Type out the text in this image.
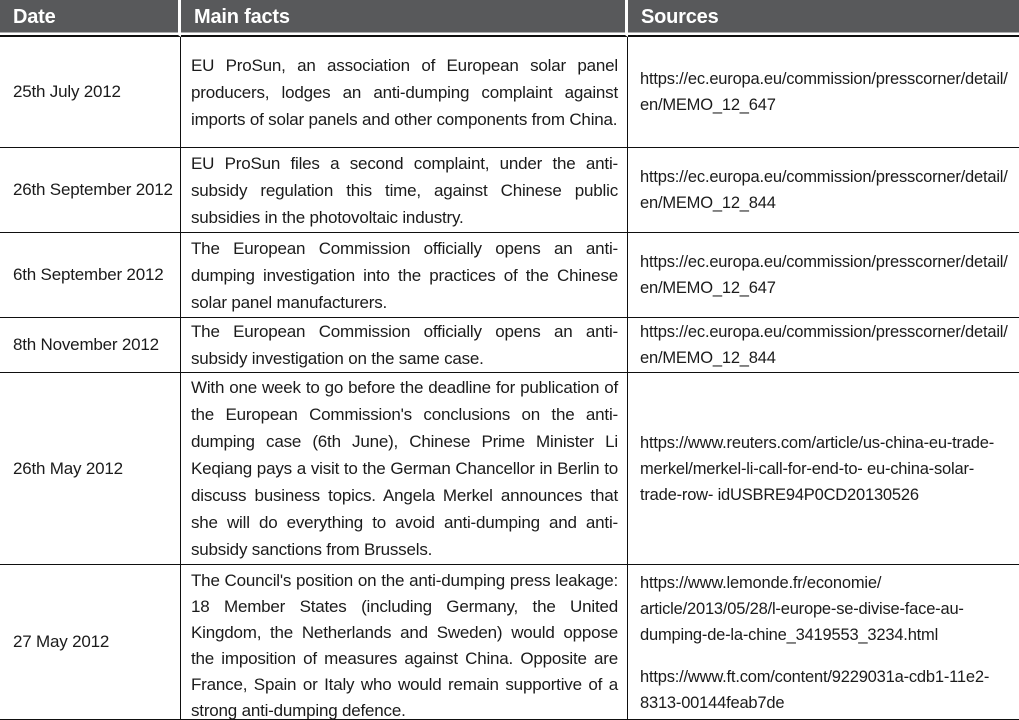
Date	Main facts	Sources
25th July 2012
EU ProSun, an association of European solar panel producers, lodges an anti-dumping complaint against imports of solar panels and other components from China.
https://ec.europa.eu/commission/presscorner/detail/en/MEMO_12_647
26th September 2012
EU ProSun files a second complaint, under the anti-subsidy regulation this time, against Chinese public subsidies in the photovoltaic industry.
https://ec.europa.eu/commission/presscorner/detail/en/MEMO_12_844
6th September 2012
The European Commission officially opens an anti-dumping investigation into the practices of the Chinese solar panel manufacturers.
https://ec.europa.eu/commission/presscorner/detail/en/MEMO_12_647
8th November 2012
The European Commission officially opens an anti-subsidy investigation on the same case.
https://ec.europa.eu/commission/presscorner/detail/en/MEMO_12_844
26th May 2012
With one week to go before the deadline for publication of the European Commission's conclusions on the anti-dumping case (6th June), Chinese Prime Minister Li Keqiang pays a visit to the German Chancellor in Berlin to discuss business topics. Angela Merkel announces that she will do everything to avoid anti-dumping and anti-subsidy sanctions from Brussels.
https://www.reuters.com/article/us-china-eu-trade-merkel/merkel-li-call-for-end-to- eu-china-solar-trade-row- idUSBRE94P0CD20130526
27 May 2012
The Council's position on the anti-dumping press leakage: 18 Member States (including Germany, the United Kingdom, the Netherlands and Sweden) would oppose the imposition of measures against China. Opposite are France, Spain or Italy who would remain supportive of a strong anti-dumping defence.
https://www.lemonde.fr/economie/ article/2013/05/28/l-europe-se-divise-face-au-dumping-de-la-chine_3419553_3234.html
https://www.ft.com/content/9229031a-cdb1-11e2-8313-00144feab7de
